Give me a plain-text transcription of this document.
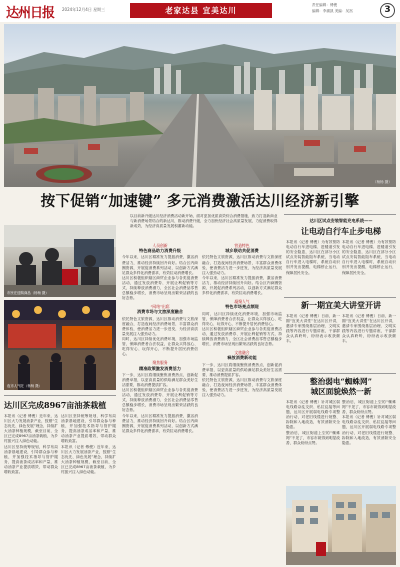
达州日报 2024年12月4日 星期三	老家达县 宜美达川
责任编辑：傅俊
编辑：李蒲凯 美编：吴嵩	3
（杨杨 摄）
按下促销“加速键” 多元消费激活达川经济新引擎
以目前新升级达川经济消费活动新开始，面对更加优质高效综合消费措施，致力打造新商业与新消费场景结合的新达川，推动消费升级，全力加快经济社会高质量发展，力促消费取得新成效，为经济高质量发展积蓄新动能。
市民在选购商品（杨杨 摄）
夜市人气旺（杨杨 摄）
人员创新
特色商品助力消费升级

今年以来，达川区精准发力提振消费，激活消费活力，推动经济持续回升向好。结合区内商圈资源，开展促消费系列活动，以创新方式满足群众多样化消费需求，有效拉动消费增长。

达川区积极组织辖区商贸企业参与各类促消费活动，通过发放消费券、开展让利促销等方式，持续释放消费潜力，全区社会消费品零售总额稳步增长，消费市场呈现出繁荣活跃的良好态势。

“网络”出彩
消费市场与文旅深度融合

依托特色文旅资源，达川区推动消费与文旅深度融合，打造夜间经济消费场景，丰富群众消费体验，使消费活力进一步迸发，为经济高质量发展注入强劲动力。

同时，达川区持续优化消费环境，加强市场监管，保障消费者合法权益，让群众买得放心、吃得安心、玩得开心，不断提升居民消费信心。

聚焦服务
精准政策激发消费活力

下一步，达川区将继续聚焦消费热点，创新促消费举措，以更高质量的供给满足群众美好生活需要，推动消费提质扩容。

达川区积极组织辖区商贸企业参与各类促消费活动，通过发放消费券、开展让利促销等方式，持续释放消费潜力，全区社会消费品零售总额稳步增长，消费市场呈现出繁荣活跃的良好态势。

今年以来，达川区精准发力提振消费，激活消费活力，推动经济持续回升向好。结合区内商圈资源，开展促消费系列活动，以创新方式满足群众多样化消费需求，有效拉动消费增长。

营造特色
城乡联动共促消费

依托特色文旅资源，达川区推动消费与文旅深度融合，打造夜间经济消费场景，丰富群众消费体验，使消费活力进一步迸发，为经济高质量发展注入强劲动力。

今年以来，达川区精准发力提振消费，激活消费活力，推动经济持续回升向好。结合区内商圈资源，开展促消费系列活动，以创新方式满足群众多样化消费需求，有效拉动消费增长。

凝聚人气
特色市场亮点频现

同时，达川区持续优化消费环境，加强市场监管，保障消费者合法权益，让群众买得放心、吃得安心、玩得开心，不断提升居民消费信心。

达川区积极组织辖区商贸企业参与各类促消费活动，通过发放消费券、开展让利促销等方式，持续释放消费潜力，全区社会消费品零售总额稳步增长，消费市场呈现出繁荣活跃的良好态势。

文旅融合
释放消费新动能

下一步，达川区将继续聚焦消费热点，创新促消费举措，以更高质量的供给满足群众美好生活需要，推动消费提质扩容。

依托特色文旅资源，达川区推动消费与文旅深度融合，打造夜间经济消费场景，丰富群众消费体验，使消费活力进一步迸发，为经济高质量发展注入强劲动力。

达川区完成8967亩油茶栽植

本报讯（记者 傅俊）近年来，达川区大力发展油茶产业，按照“生态优先、绿色发展”理念，持续扩大油茶种植规模，截至目前，全区已完成8967亩油茶栽植，为乡村振兴注入绿色动能。

达川区坚持统筹规划，科学布局油茶基地建设，引导群众参与种植，并加强技术指导与管护服务，提高油茶成活率和产量，推动油茶产业提质增效，带动群众增收致富。

达川区坚持统筹规划，科学布局油茶基地建设，引导群众参与种植，并加强技术指导与管护服务，提高油茶成活率和产量，推动油茶产业提质增效，带动群众增收致富。

本报讯（记者 傅俊）近年来，达川区大力发展油茶产业，按照“生态优先、绿色发展”理念，持续扩大油茶种植规模，截至目前，全区已完成8967亩油茶栽植，为乡村振兴注入绿色动能。

达川区试点安装智能充电系统——
让电动自行车止步电梯

本报讯（记者 傅俊）为有效预防电动自行车进电梯、进楼道引发的安全隐患，达川区在部分小区试点安装智能阻车系统，当电动自行车进入电梯时，系统自动识别并发出提醒，电梯停止运行，保障居民安全。

本报讯（记者 傅俊）为有效预防电动自行车进电梯、进楼道引发的安全隐患，达川区在部分小区试点安装智能阻车系统，当电动自行车进入电梯时，系统自动识别并发出提醒，电梯停止运行，保障居民安全。

新一期宜美大讲堂开讲

本报讯（记者 傅俊）日前，新一期“宜美大讲堂”在达川区开讲，邀请专家围绕基层治理、文明实践等内容进行专题讲座，干部群众认真聆听，纷纷表示收获颇丰。

本报讯（记者 傅俊）日前，新一期“宜美大讲堂”在达川区开讲，邀请专家围绕基层治理、文明实践等内容进行专题讲座，干部群众认真聆听，纷纷表示收获颇丰。

整治弱电“蜘蛛网”
城区面貌焕然一新

本报讯（记者 傅俊）针对城区弱电线路杂乱交织、私拉乱接等问题，达川区开展弱电线路专项整治行动，对老旧线缆进行规整、拆除和入地改造，有效消除安全隐患。

整治后，城区街道上空的“蜘蛛网”不见了，市容市貌得到明显改善，群众纷纷点赞。

整治后，城区街道上空的“蜘蛛网”不见了，市容市貌得到明显改善，群众纷纷点赞。

本报讯（记者 傅俊）针对城区弱电线路杂乱交织、私拉乱接等问题，达川区开展弱电线路专项整治行动，对老旧线缆进行规整、拆除和入地改造，有效消除安全隐患。
